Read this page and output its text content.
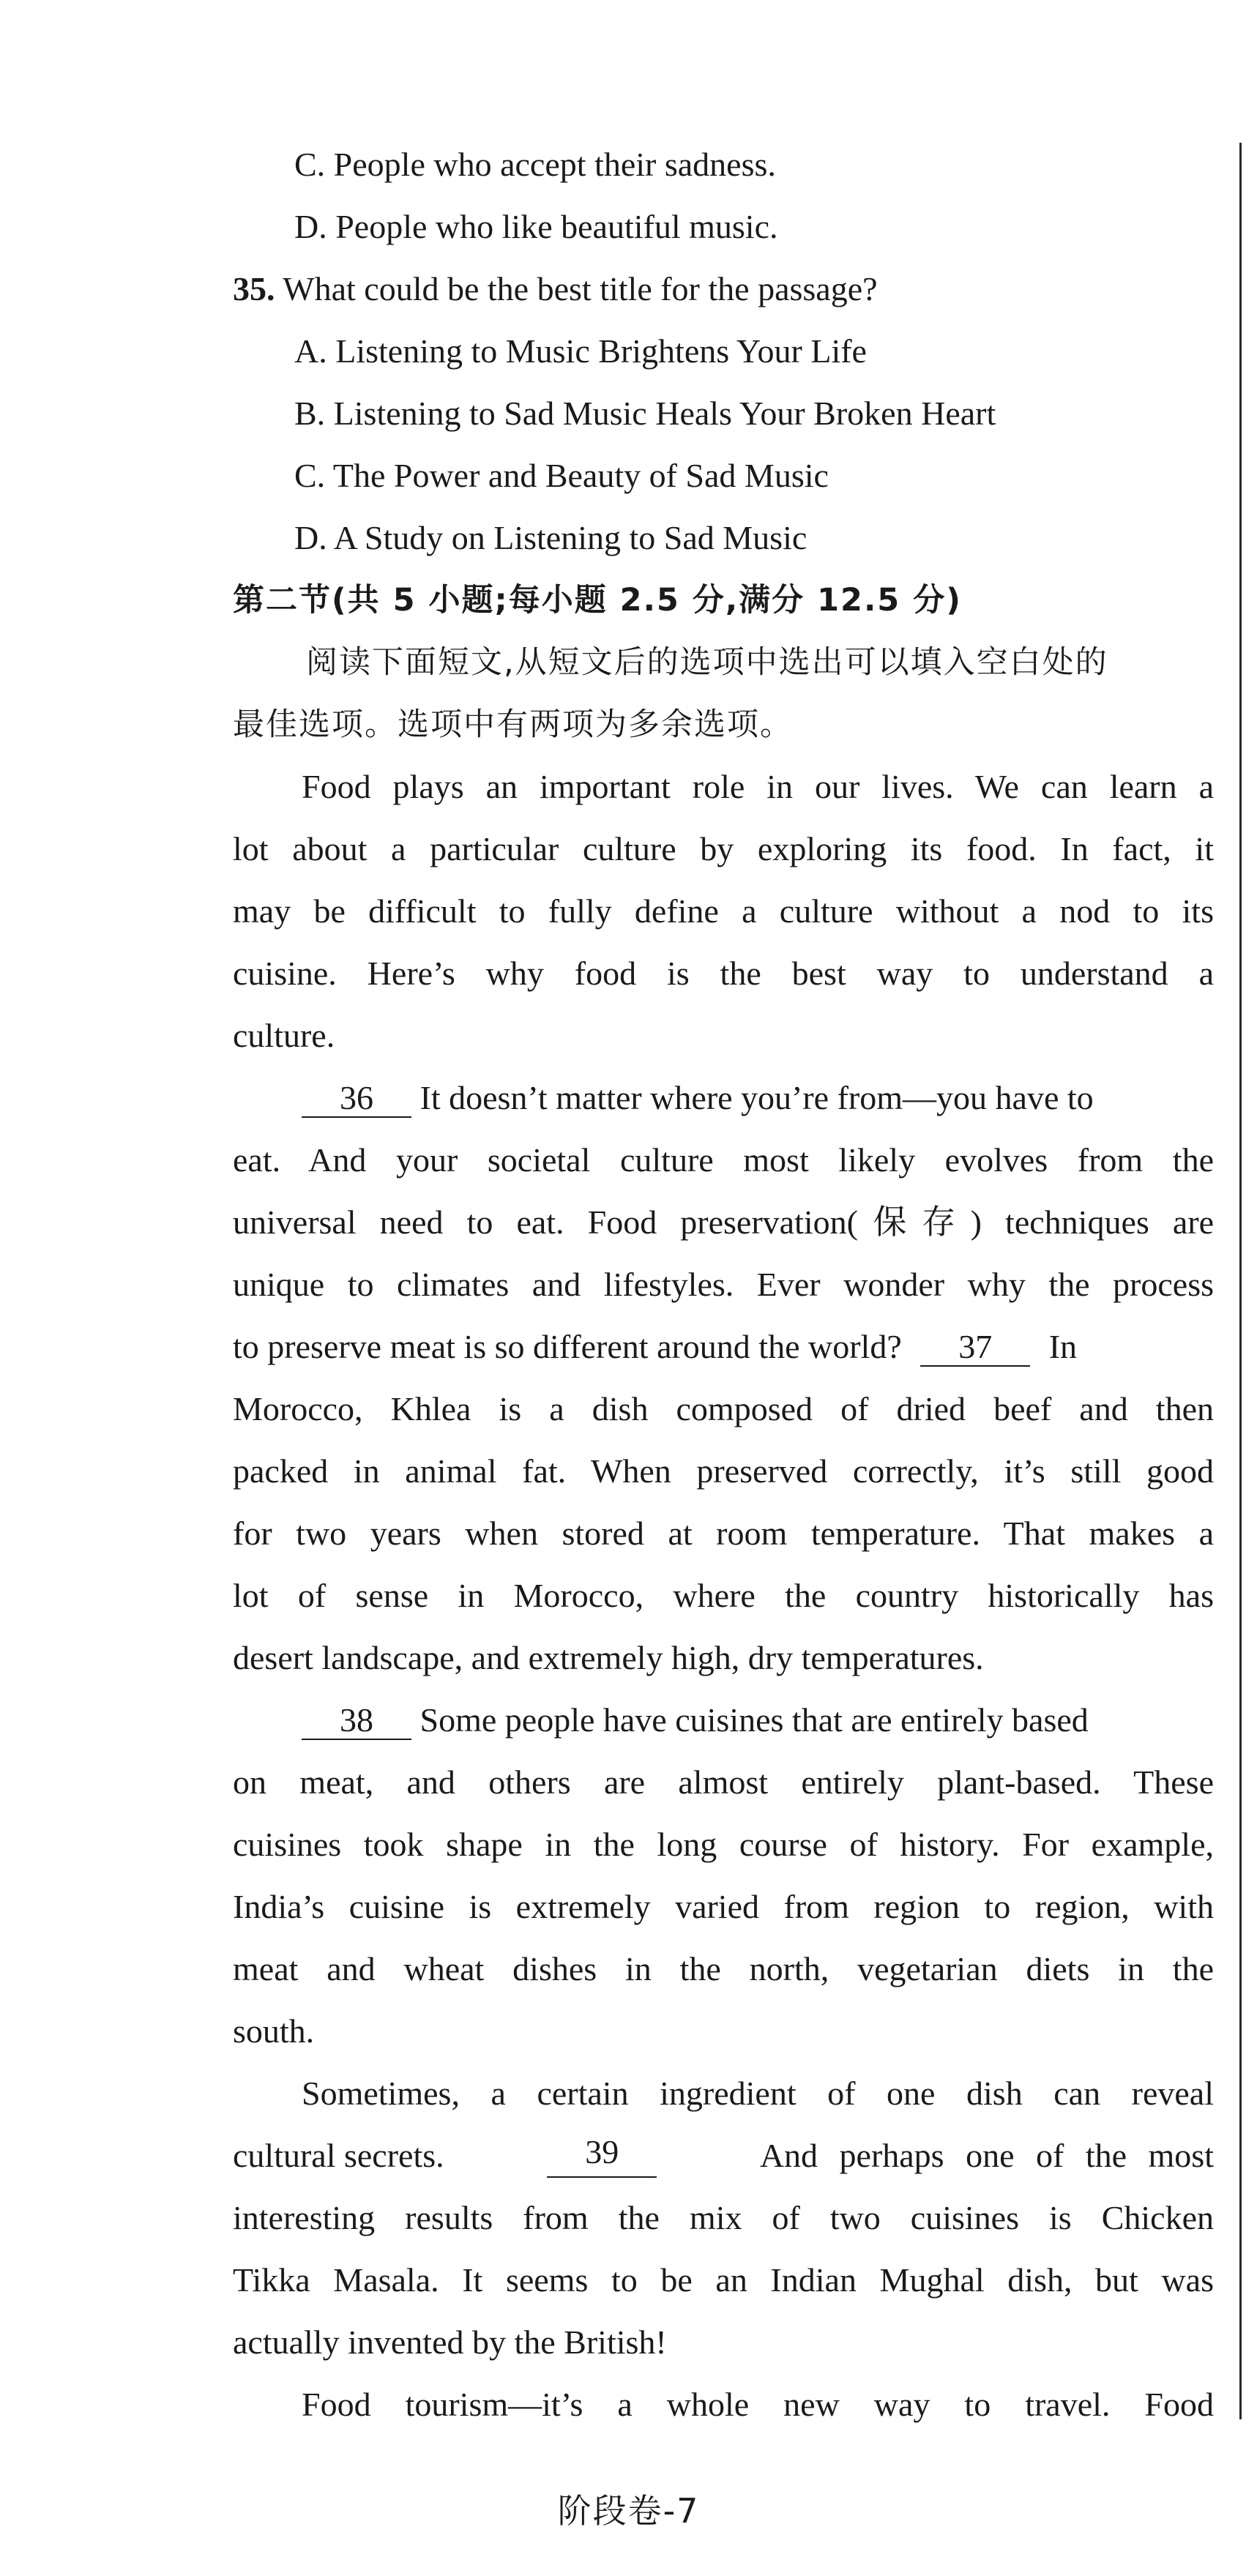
C. People who accept their sadness.
D. People who like beautiful music.
35. What could be the best title for the passage?
A. Listening to Music Brightens Your Life
B. Listening to Sad Music Heals Your Broken Heart
C. The Power and Beauty of Sad Music
D. A Study on Listening to Sad Music
第二节(共 5 小题;每小题 2.5 分,满分 12.5 分)
阅读下面短文,从短文后的选项中选出可以填入空白处的
最佳选项。选项中有两项为多余选项。
Food plays an important role in our lives. We can learn a
lot about a particular culture by exploring its food. In fact, it
may be difficult to fully define a culture without a nod to its
cuisine. Here’s why food is the best way to understand a
culture.
36 It doesn’t matter where you’re from—you have to
eat. And your societal culture most likely evolves from the
universal need to eat. Food preservation(保存) techniques are
unique to climates and lifestyles. Ever wonder why the process
to preserve meat is so different around the world? 37 In
Morocco, Khlea is a dish composed of dried beef and then
packed in animal fat. When preserved correctly, it’s still good
for two years when stored at room temperature. That makes a
lot of sense in Morocco, where the country historically has
desert landscape, and extremely high, dry temperatures.
38 Some people have cuisines that are entirely based
on meat, and others are almost entirely plant-based. These
cuisines took shape in the long course of history. For example,
India’s cuisine is extremely varied from region to region, with
meat and wheat dishes in the north, vegetarian diets in the
south.
Sometimes, a certain ingredient of one dish can reveal
cultural secrets.	39	And perhaps one of the most
interesting results from the mix of two cuisines is Chicken
Tikka Masala. It seems to be an Indian Mughal dish, but was
actually invented by the British!
Food tourism—it’s a whole new way to travel. Food
阶段卷-7
